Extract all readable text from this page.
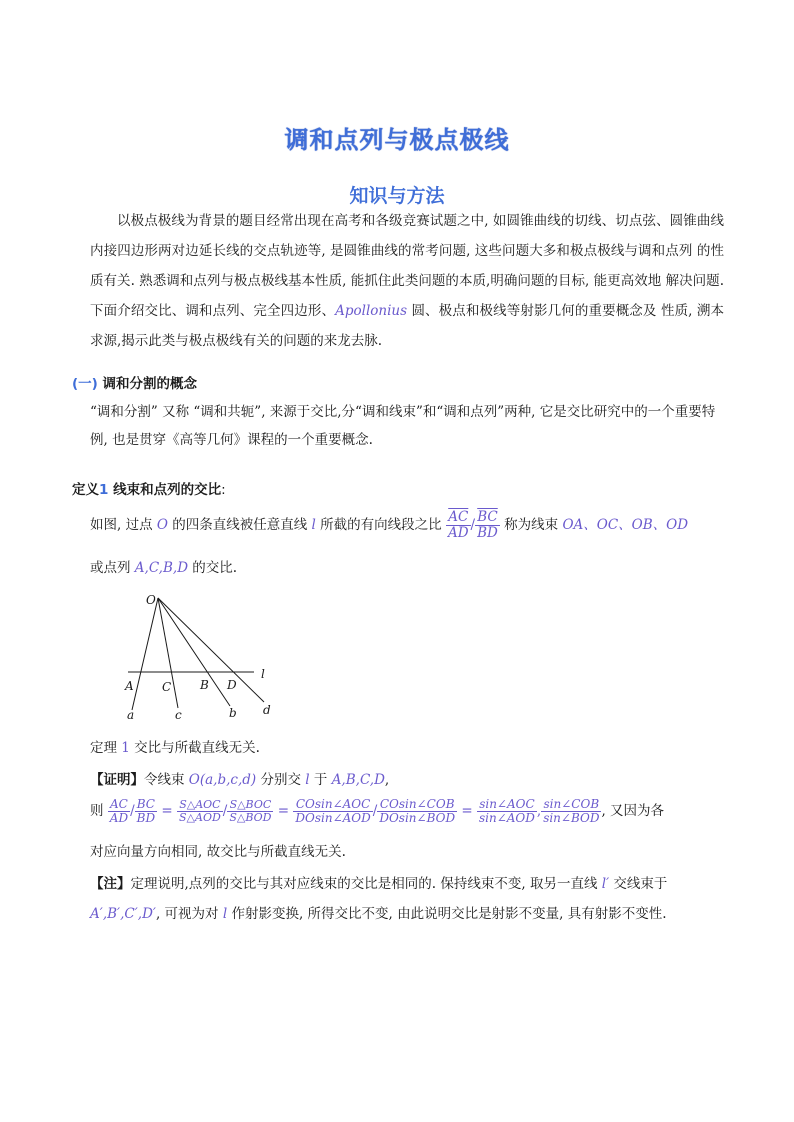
调和点列与极点极线
知识与方法
以极点极线为背景的题目经常出现在高考和各级竞赛试题之中, 如圆锥曲线的切线、切点弦、圆锥曲线内接四边形两对边延长线的交点轨迹等, 是圆锥曲线的常考问题, 这些问题大多和极点极线与调和点列 的性质有关. 熟悉调和点列与极点极线基本性质, 能抓住此类问题的本质,明确问题的目标, 能更高效地 解决问题. 下面介绍交比、调和点列、完全四边形、Apollonius 圆、极点和极线等射影几何的重要概念及 性质, 溯本求源,揭示此类与极点极线有关的问题的来龙去脉.
(一) 调和分割的概念
“调和分割” 又称 “调和共轭”, 来源于交比,分“调和线束”和“调和点列”两种, 它是交比研究中的一个重要特例, 也是贯穿《高等几何》课程的一个重要概念.
定义1 线束和点列的交比:
如图, 过点 O 的四条直线被任意直线 l 所截的有向线段之比 $\frac{\overline{AC}}{AD} / \frac{\overline{BC}}{BD}$ 称为线束 OA、OC、OB、OD
或点列 A,C,B,D 的交比.
O
l
A C B D
a	c	b d
定理 1 交比与所截直线无关.
【证明】令线束 O(a,b,c,d) 分别交 l 于 A,B,C,D,
则 $\frac{AC}{AD} / \frac{BC}{BD} = \frac{\text{S△AOC}}{\text{S△AOD}} / \frac{\text{S△BOC}}{\text{S△BOD}} = \frac{\text{COsin∠AOC}}{\text{DOsin∠AOD}} / \frac{\text{COsin∠COB}}{\text{DOsin∠BOD}} = \frac{\text{sin∠AOC}}{\text{sin∠AOD}}$ , $\frac{\text{sin∠COB}}{\text{sin∠BOD}}$ , 又因为各
对应向量方向相同, 故交比与所截直线无关.
【注】定理说明,点列的交比与其对应线束的交比是相同的. 保持线束不变, 取另一直线 l′ 交线束于
A′,B′,C′,D′, 可视为对 l 作射影变换, 所得交比不变, 由此说明交比是射影不变量, 具有射影不变性.
